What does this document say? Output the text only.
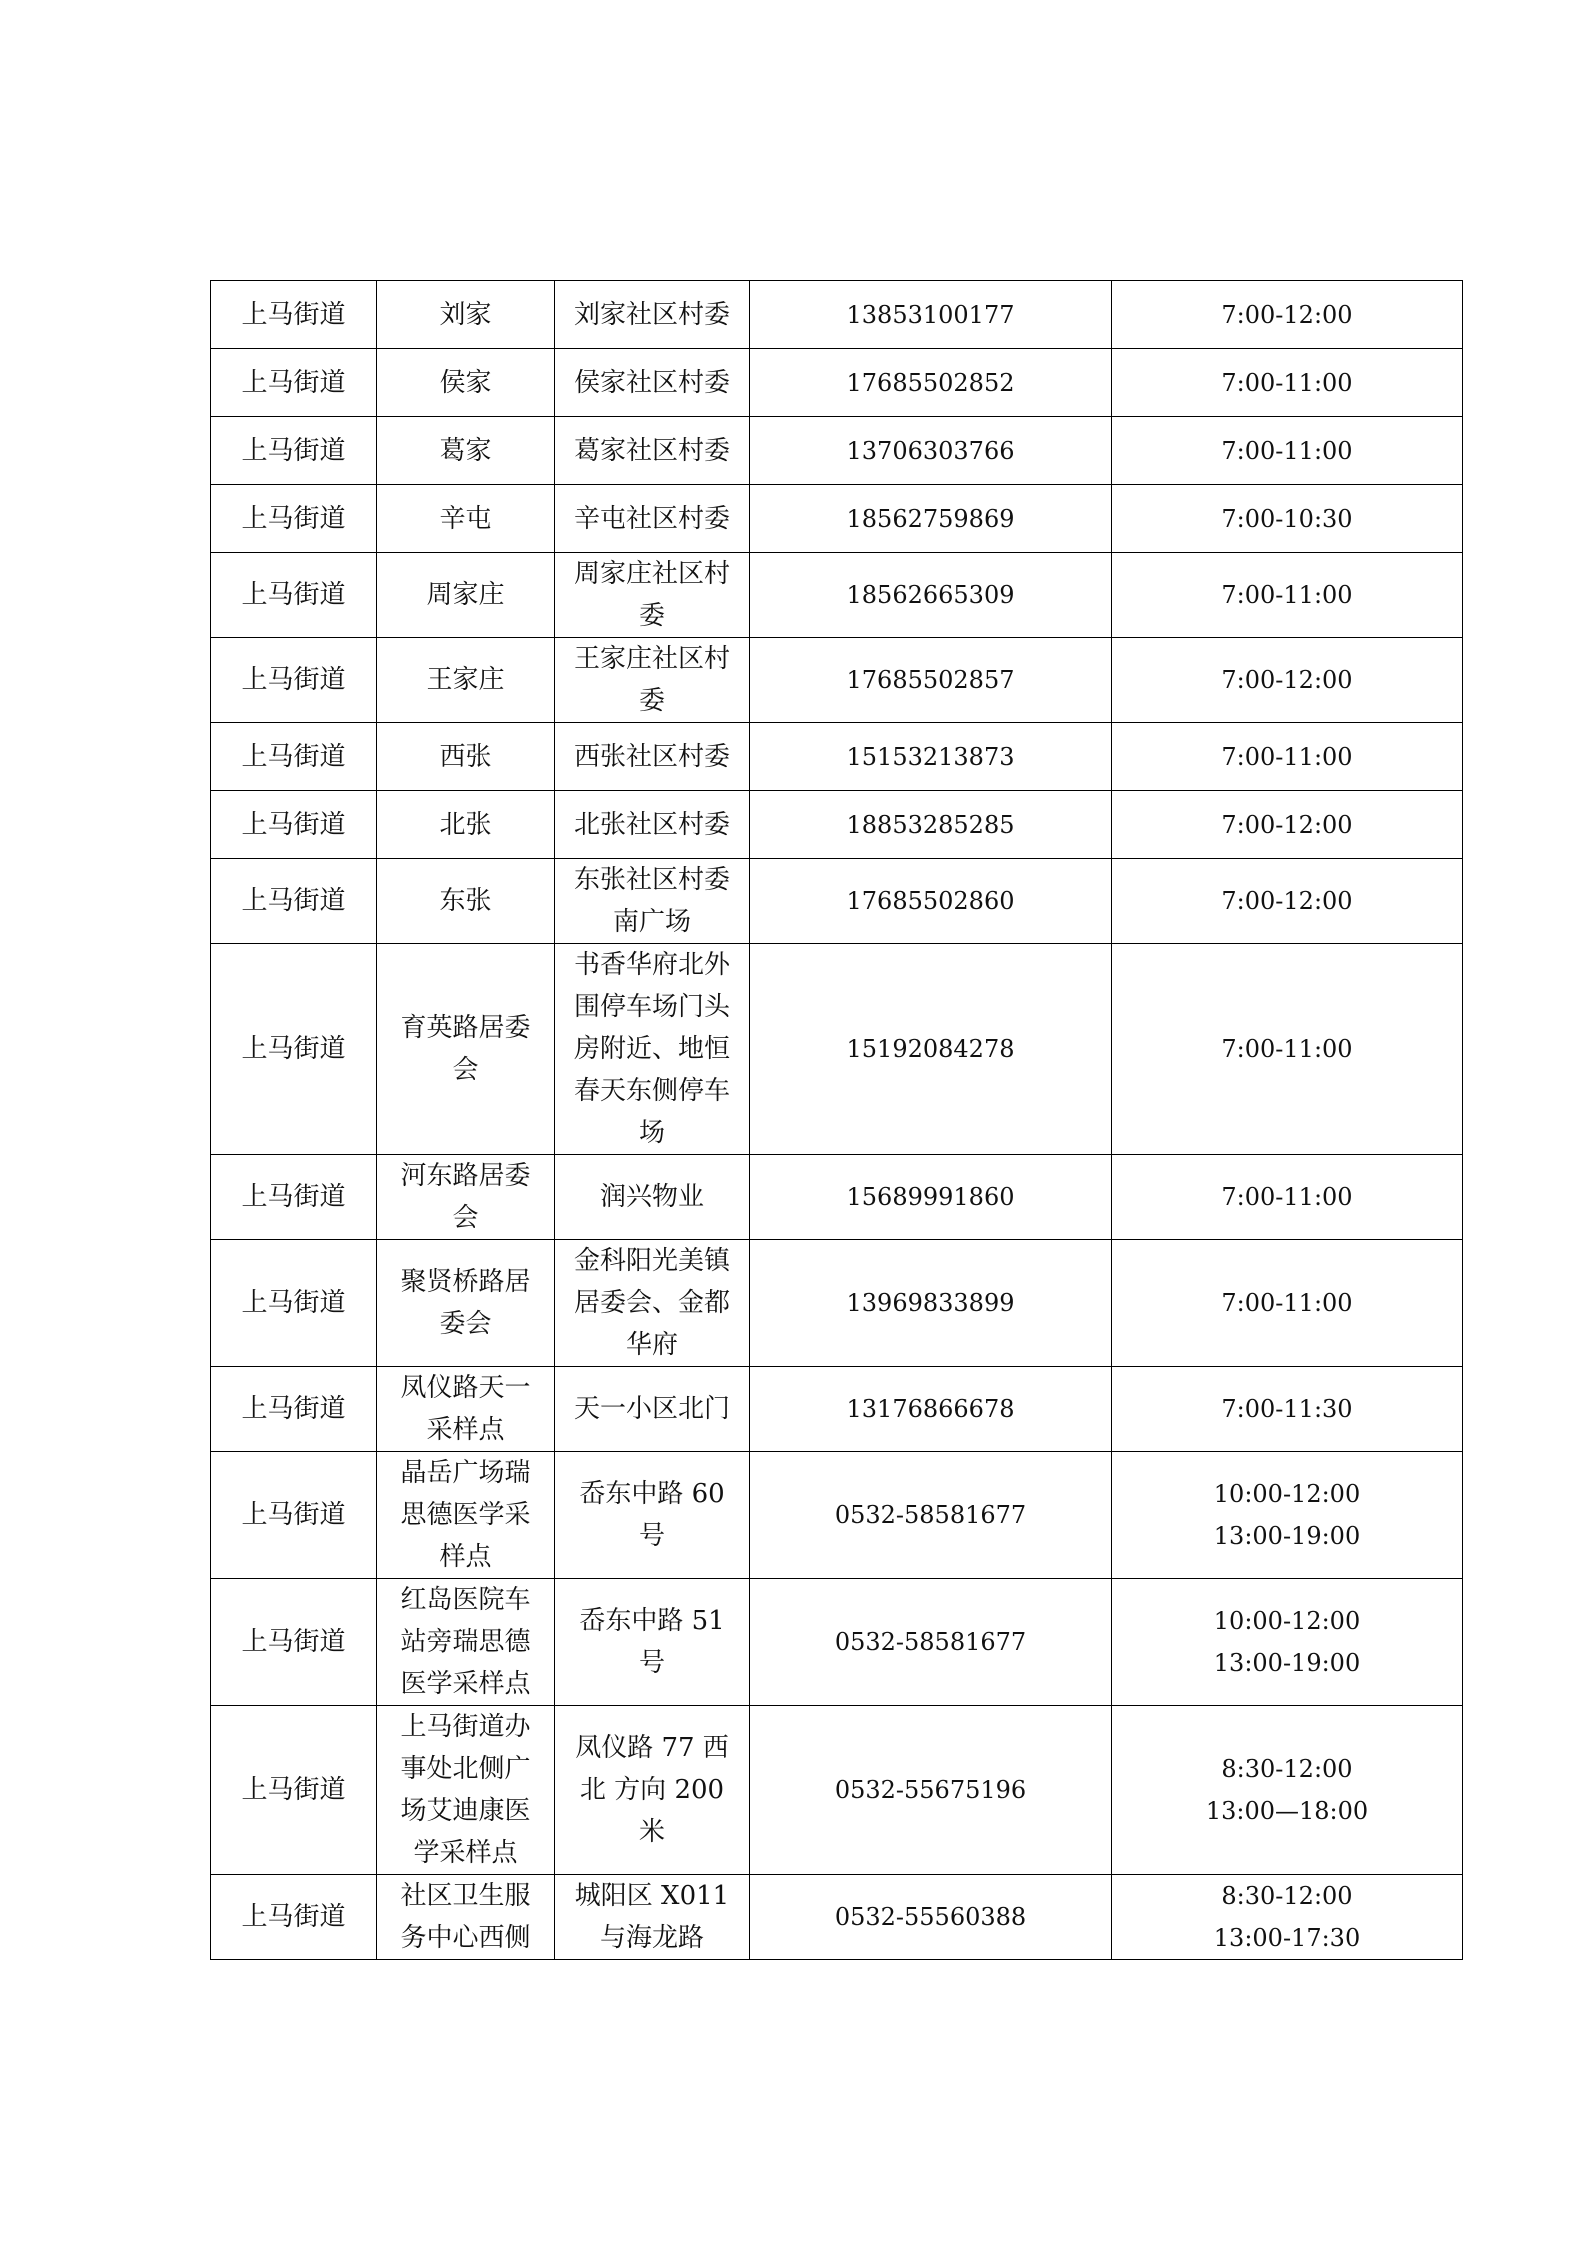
上马街道	刘家	刘家社区村委	13853100177	7:00-12:00
上马街道	侯家	侯家社区村委	17685502852	7:00-11:00
上马街道	葛家	葛家社区村委	13706303766	7:00-11:00
上马街道	辛屯	辛屯社区村委	18562759869	7:00-10:30
上马街道	周家庄	周家庄社区村委	18562665309	7:00-11:00
上马街道	王家庄	王家庄社区村委	17685502857	7:00-12:00
上马街道	西张	西张社区村委	15153213873	7:00-11:00
上马街道	北张	北张社区村委	18853285285	7:00-12:00
上马街道	东张	东张社区村委南广场	17685502860	7:00-12:00
上马街道	育英路居委会	书香华府北外围停车场门头房附近、地恒春天东侧停车场	15192084278	7:00-11:00
上马街道	河东路居委会	润兴物业	15689991860	7:00-11:00
上马街道	聚贤桥路居委会	金科阳光美镇居委会、金都华府	13969833899	7:00-11:00
上马街道	凤仪路天一采样点	天一小区北门	13176866678	7:00-11:30
上马街道	晶岳广场瑞思德医学采样点	岙东中路 60 号	0532-58581677	10:00-12:00
13:00-19:00

上马街道	红岛医院车站旁瑞思德医学采样点	岙东中路 51 号	0532-58581677	10:00-12:00
13:00-19:00

上马街道	上马街道办事处北侧广场艾迪康医学采样点	凤仪路 77 西北 方向 200 米	0532-55675196	8:30-12:00
13:00—18:00

上马街道	社区卫生服务中心西侧	城阳区 X011 与海龙路	0532-55560388	8:30-12:00
13:00-17:30
